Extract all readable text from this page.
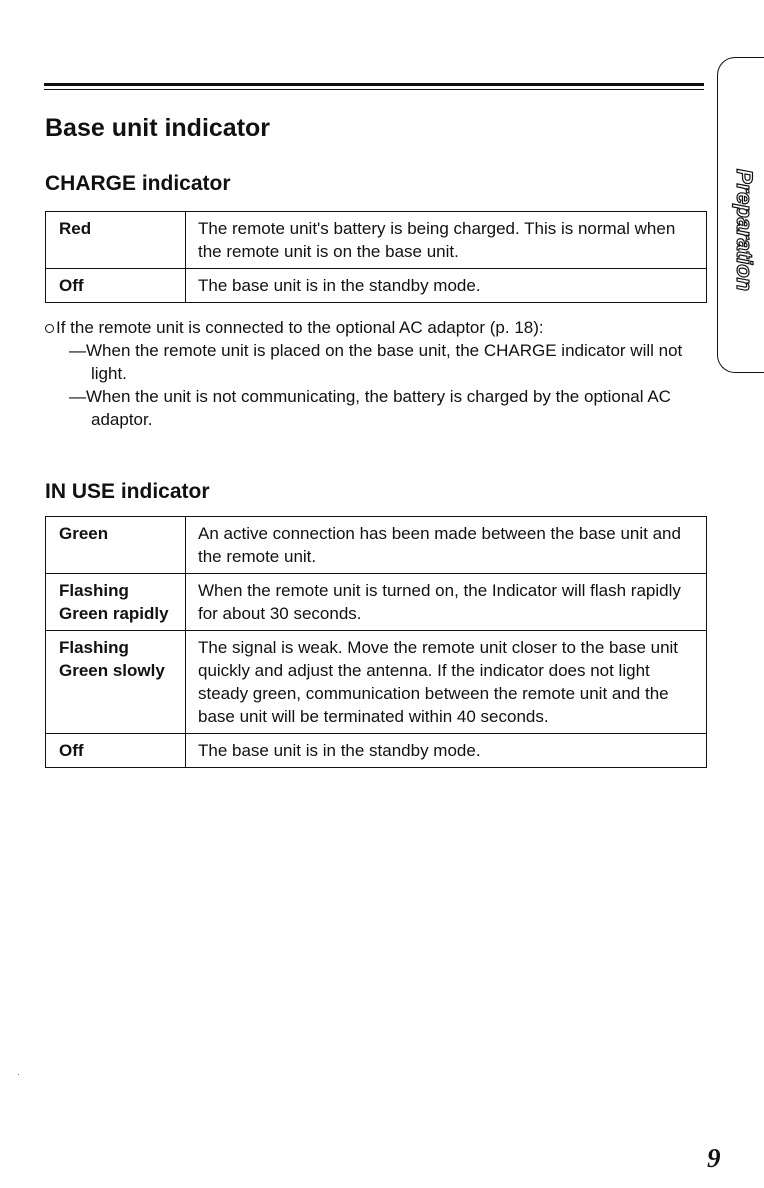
Base unit indicator
CHARGE indicator
Red	The remote unit's battery is being charged. This is normal when the remote unit is on the base unit.
Off	The base unit is in the standby mode.

If the remote unit is connected to the optional AC adaptor (p. 18):

—When the remote unit is placed on the base unit, the CHARGE indicator will not light.

—When the unit is not communicating, the battery is charged by the optional AC adaptor.

IN USE indicator
Green	An active connection has been made between the base unit and the remote unit.
Flashing
Green rapidly	When the remote unit is turned on, the Indicator will flash rapidly for about 30 seconds.
Flashing
Green slowly	The signal is weak. Move the remote unit closer to the base unit quickly and adjust the antenna. If the indicator does not light steady green, communication between the remote unit and the base unit will be terminated within 40 seconds.
Off	The base unit is in the standby mode.
Preparation
9
